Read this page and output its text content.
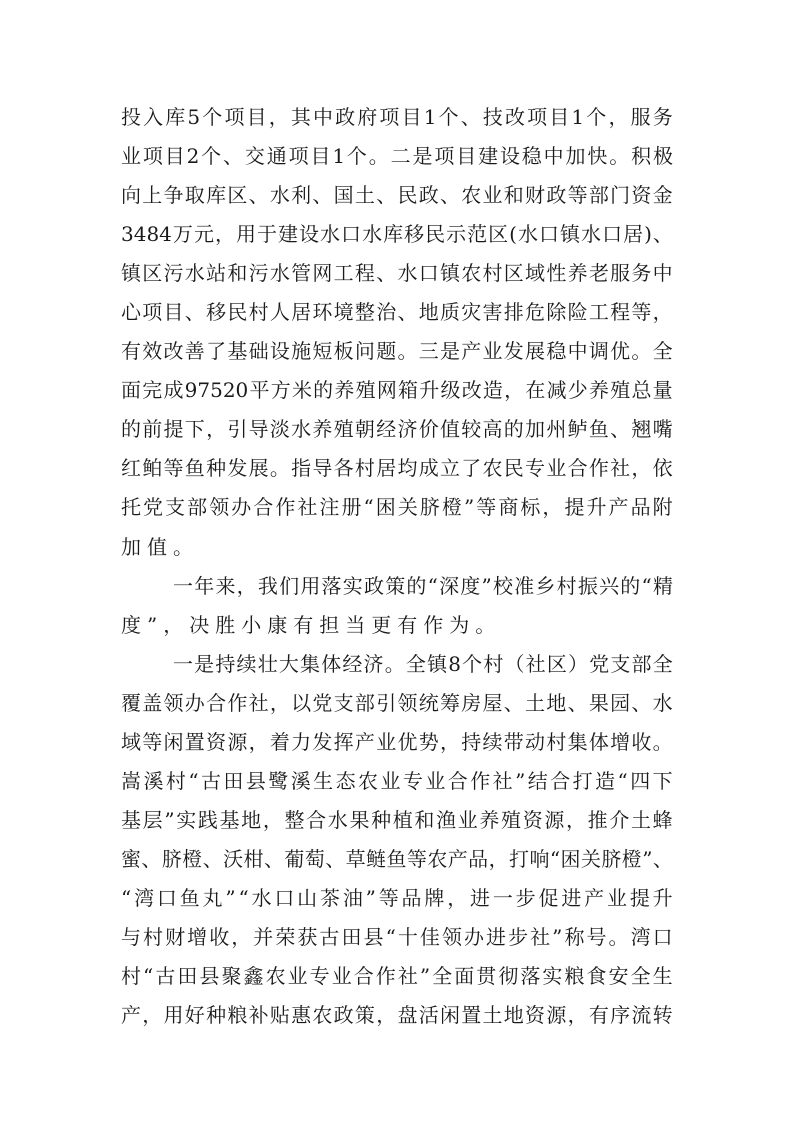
投 入 库 5 个 项 目 ， 其 中 政 府 项 目 1 个 、 技 改 项 目 1 个 ， 服 务
业 项 目 2 个 、 交 通 项 目 1 个 。 二 是 项 目 建 设 稳 中 加 快 。 积 极
向 上 争 取 库 区 、 水 利 、 国 土 、 民 政 、 农 业 和 财 政 等 部 门 资 金
3484 万 元 ， 用 于 建 设 水 口 水 库 移 民 示 范 区 ( 水 口 镇 水 口 居 ) 、
镇 区 污 水 站 和 污 水 管 网 工 程 、 水 口 镇 农 村 区 域 性 养 老 服 务 中
心 项 目 、 移 民 村 人 居 环 境 整 治 、 地 质 灾 害 排 危 除 险 工 程 等 ，
有 效 改 善 了 基 础 设 施 短 板 问 题 。 三 是 产 业 发 展 稳 中 调 优 。 全
面 完 成 97520 平 方 米 的 养 殖 网 箱 升 级 改 造 ， 在 减 少 养 殖 总 量
的 前 提 下 ， 引 导 淡 水 养 殖 朝 经 济 价 值 较 高 的 加 州 鲈 鱼 、 翘 嘴
红 鲌 等 鱼 种 发 展 。 指 导 各 村 居 均 成 立 了 农 民 专 业 合 作 社 ， 依
托 党 支 部 领 办 合 作 社 注 册 “ 困 关 脐 橙 ” 等 商 标 ， 提 升 产 品 附
加值。
一 年 来 ， 我 们 用 落 实 政 策 的 “ 深 度 ” 校 准 乡 村 振 兴 的 “ 精
度”，决胜小康有担当更有作为。
一 是 持 续 壮 大 集 体 经 济 。 全 镇 8 个 村 （ 社 区 ） 党 支 部 全
覆 盖 领 办 合 作 社 ， 以 党 支 部 引 领 统 筹 房 屋 、 土 地 、 果 园 、 水
域 等 闲 置 资 源 ， 着 力 发 挥 产 业 优 势 ， 持 续 带 动 村 集 体 增 收 。
嵩 溪 村 “ 古 田 县 鹭 溪 生 态 农 业 专 业 合 作 社 ” 结 合 打 造 “ 四 下
基 层 ” 实 践 基 地 ， 整 合 水 果 种 植 和 渔 业 养 殖 资 源 ， 推 介 土 蜂
蜜 、 脐 橙 、 沃 柑 、 葡 萄 、 草 鲢 鱼 等 农 产 品 ， 打 响 “ 困 关 脐 橙 ” 、
“ 湾 口 鱼 丸 ” “ 水 口 山 茶 油 ” 等 品 牌 ， 进 一 步 促 进 产 业 提 升
与 村 财 增 收 ， 并 荣 获 古 田 县 “ 十 佳 领 办 进 步 社 ” 称 号 。 湾 口
村 “ 古 田 县 聚 鑫 农 业 专 业 合 作 社 ” 全 面 贯 彻 落 实 粮 食 安 全 生
产 ， 用 好 种 粮 补 贴 惠 农 政 策 ， 盘 活 闲 置 土 地 资 源 ， 有 序 流 转
